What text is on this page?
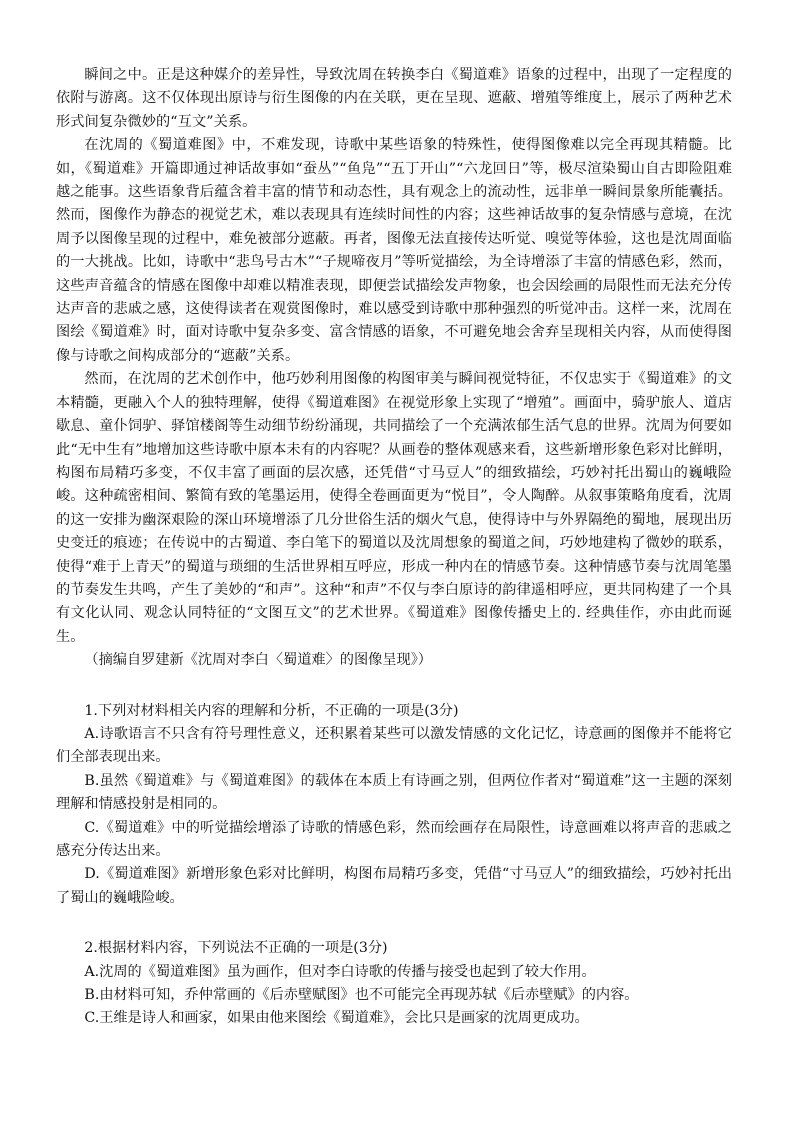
瞬间之中。正是这种媒介的差异性，导致沈周在转换李白《蜀道难》语象的过程中，出现了一定程度的依附与游离。这不仅体现出原诗与衍生图像的内在关联，更在呈现、遮蔽、增殖等维度上，展示了两种艺术形式间复杂微妙的“互文”关系。

在沈周的《蜀道难图》中，不难发现，诗歌中某些语象的特殊性，使得图像难以完全再现其精髓。比如，《蜀道难》开篇即通过神话故事如“蚕丛”“鱼凫”“五丁开山”“六龙回日”等，极尽渲染蜀山自古即险阻难越之能事。这些语象背后蕴含着丰富的情节和动态性，具有观念上的流动性，远非单一瞬间景象所能囊括。然而，图像作为静态的视觉艺术，难以表现具有连续时间性的内容；这些神话故事的复杂情感与意境，在沈周予以图像呈现的过程中，难免被部分遮蔽。再者，图像无法直接传达听觉、嗅觉等体验，这也是沈周面临的一大挑战。比如，诗歌中“悲鸟号古木”“子规啼夜月”等听觉描绘，为全诗增添了丰富的情感色彩，然而，这些声音蕴含的情感在图像中却难以精准表现，即便尝试描绘发声物象，也会因绘画的局限性而无法充分传达声音的悲戚之感，这使得读者在观赏图像时，难以感受到诗歌中那种强烈的听觉冲击。这样一来，沈周在图绘《蜀道难》时，面对诗歌中复杂多变、富含情感的语象，不可避免地会舍弃呈现相关内容，从而使得图像与诗歌之间构成部分的“遮蔽”关系。

然而，在沈周的艺术创作中，他巧妙利用图像的构图审美与瞬间视觉特征，不仅忠实于《蜀道难》的文本精髓，更融入个人的独特理解，使得《蜀道难图》在视觉形象上实现了“增殖”。画面中，骑驴旅人、道店歇息、童仆饲驴、驿馆楼阁等生动细节纷纷涌现，共同描绘了一个充满浓郁生活气息的世界。沈周为何要如此“无中生有”地增加这些诗歌中原本未有的内容呢？从画卷的整体观感来看，这些新增形象色彩对比鲜明，构图布局精巧多变，不仅丰富了画面的层次感，还凭借“寸马豆人”的细致描绘，巧妙衬托出蜀山的巍峨险峻。这种疏密相间、繁简有致的笔墨运用，使得全卷画面更为“悦目”，令人陶醉。从叙事策略角度看，沈周的这一安排为幽深艰险的深山环境增添了几分世俗生活的烟火气息，使得诗中与外界隔绝的蜀地，展现出历史变迁的痕迹；在传说中的古蜀道、李白笔下的蜀道以及沈周想象的蜀道之间，巧妙地建构了微妙的联系，使得“难于上青天”的蜀道与琐细的生活世界相互呼应，形成一种内在的情感节奏。这种情感节奏与沈周笔墨的节奏发生共鸣，产生了美妙的“和声”。这种“和声”不仅与李白原诗的韵律遥相呼应，更共同构建了一个具有文化认同、观念认同特征的“文图互文”的艺术世界。《蜀道难》图像传播史上的. 经典佳作，亦由此而诞生。

（摘编自罗建新《沈周对李白〈蜀道难〉的图像呈现》）

1.下列对材料相关内容的理解和分析，不正确的一项是(3分)

A.诗歌语言不只含有符号理性意义，还积累着某些可以激发情感的文化记忆，诗意画的图像并不能将它们全部表现出来。

B.虽然《蜀道难》与《蜀道难图》的载体在本质上有诗画之别，但两位作者对“蜀道难”这一主题的深刻理解和情感投射是相同的。

C.《蜀道难》中的听觉描绘增添了诗歌的情感色彩，然而绘画存在局限性，诗意画难以将声音的悲戚之感充分传达出来。

D.《蜀道难图》新增形象色彩对比鲜明，构图布局精巧多变，凭借“寸马豆人”的细致描绘，巧妙衬托出了蜀山的巍峨险峻。

2.根据材料内容，下列说法不正确的一项是(3分)

A.沈周的《蜀道难图》虽为画作，但对李白诗歌的传播与接受也起到了较大作用。

B.由材料可知，乔仲常画的《后赤壁赋图》也不可能完全再现苏轼《后赤壁赋》的内容。

C.王维是诗人和画家，如果由他来图绘《蜀道难》，会比只是画家的沈周更成功。
